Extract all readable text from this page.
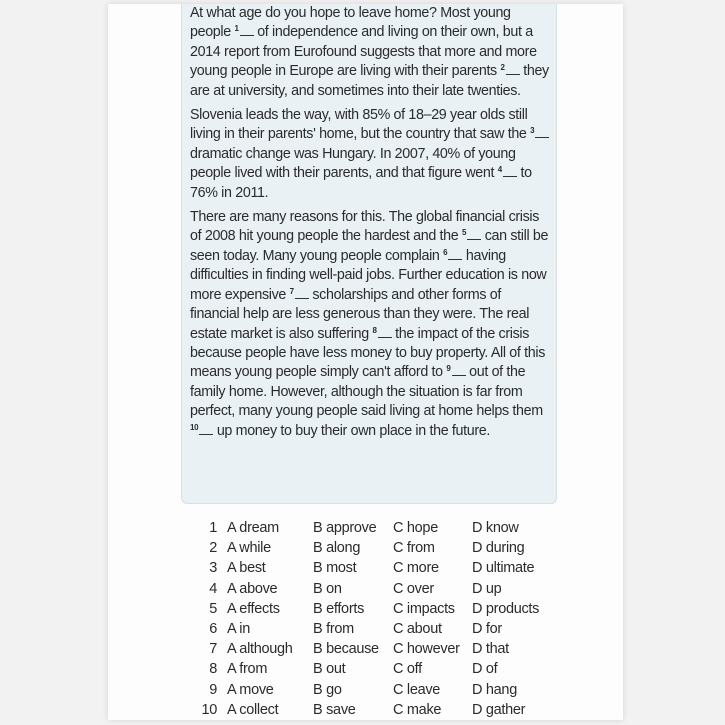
At what age do you hope to leave home? Most young people $^1$ of independence and living on their own, but a 2014 report from Eurofound suggests that more and more young people in Europe are living with their parents $^2$ they are at university, and sometimes into their late twenties.

Slovenia leads the way, with 85% of 18–29 year olds still living in their parents' home, but the country that saw the $^3$ dramatic change was Hungary. In 2007, 40% of young people lived with their parents, and that figure went $^4$ to 76% in 2011.

There are many reasons for this. The global financial crisis of 2008 hit young people the hardest and the $^5$ can still be seen today. Many young people complain $^6$ having difficulties in finding well-paid jobs. Further education is now more expensive $^7$ scholarships and other forms of financial help are less generous than they were. The real estate market is also suffering $^8$ the impact of the crisis because people have less money to buy property. All of this means young people simply can't afford to $^9$ out of the family home. However, although the situation is far from perfect, many young people said living at home helps them $^{10}$ up money to buy their own place in the future.

1 A dream	B approve	C hope	D know
2 A while	B along	C from	D during
3 A best	B most	C more	D ultimate
4 A above	B on	C over	D up
5 A effects	B efforts	C impacts	D products
6 A in	B from	C about	D for
7 A although	B because C however D that
8 A from	B out	C off	D of
9 A move	B go	C leave	D hang
10 A collect	B save	C make	D gather
